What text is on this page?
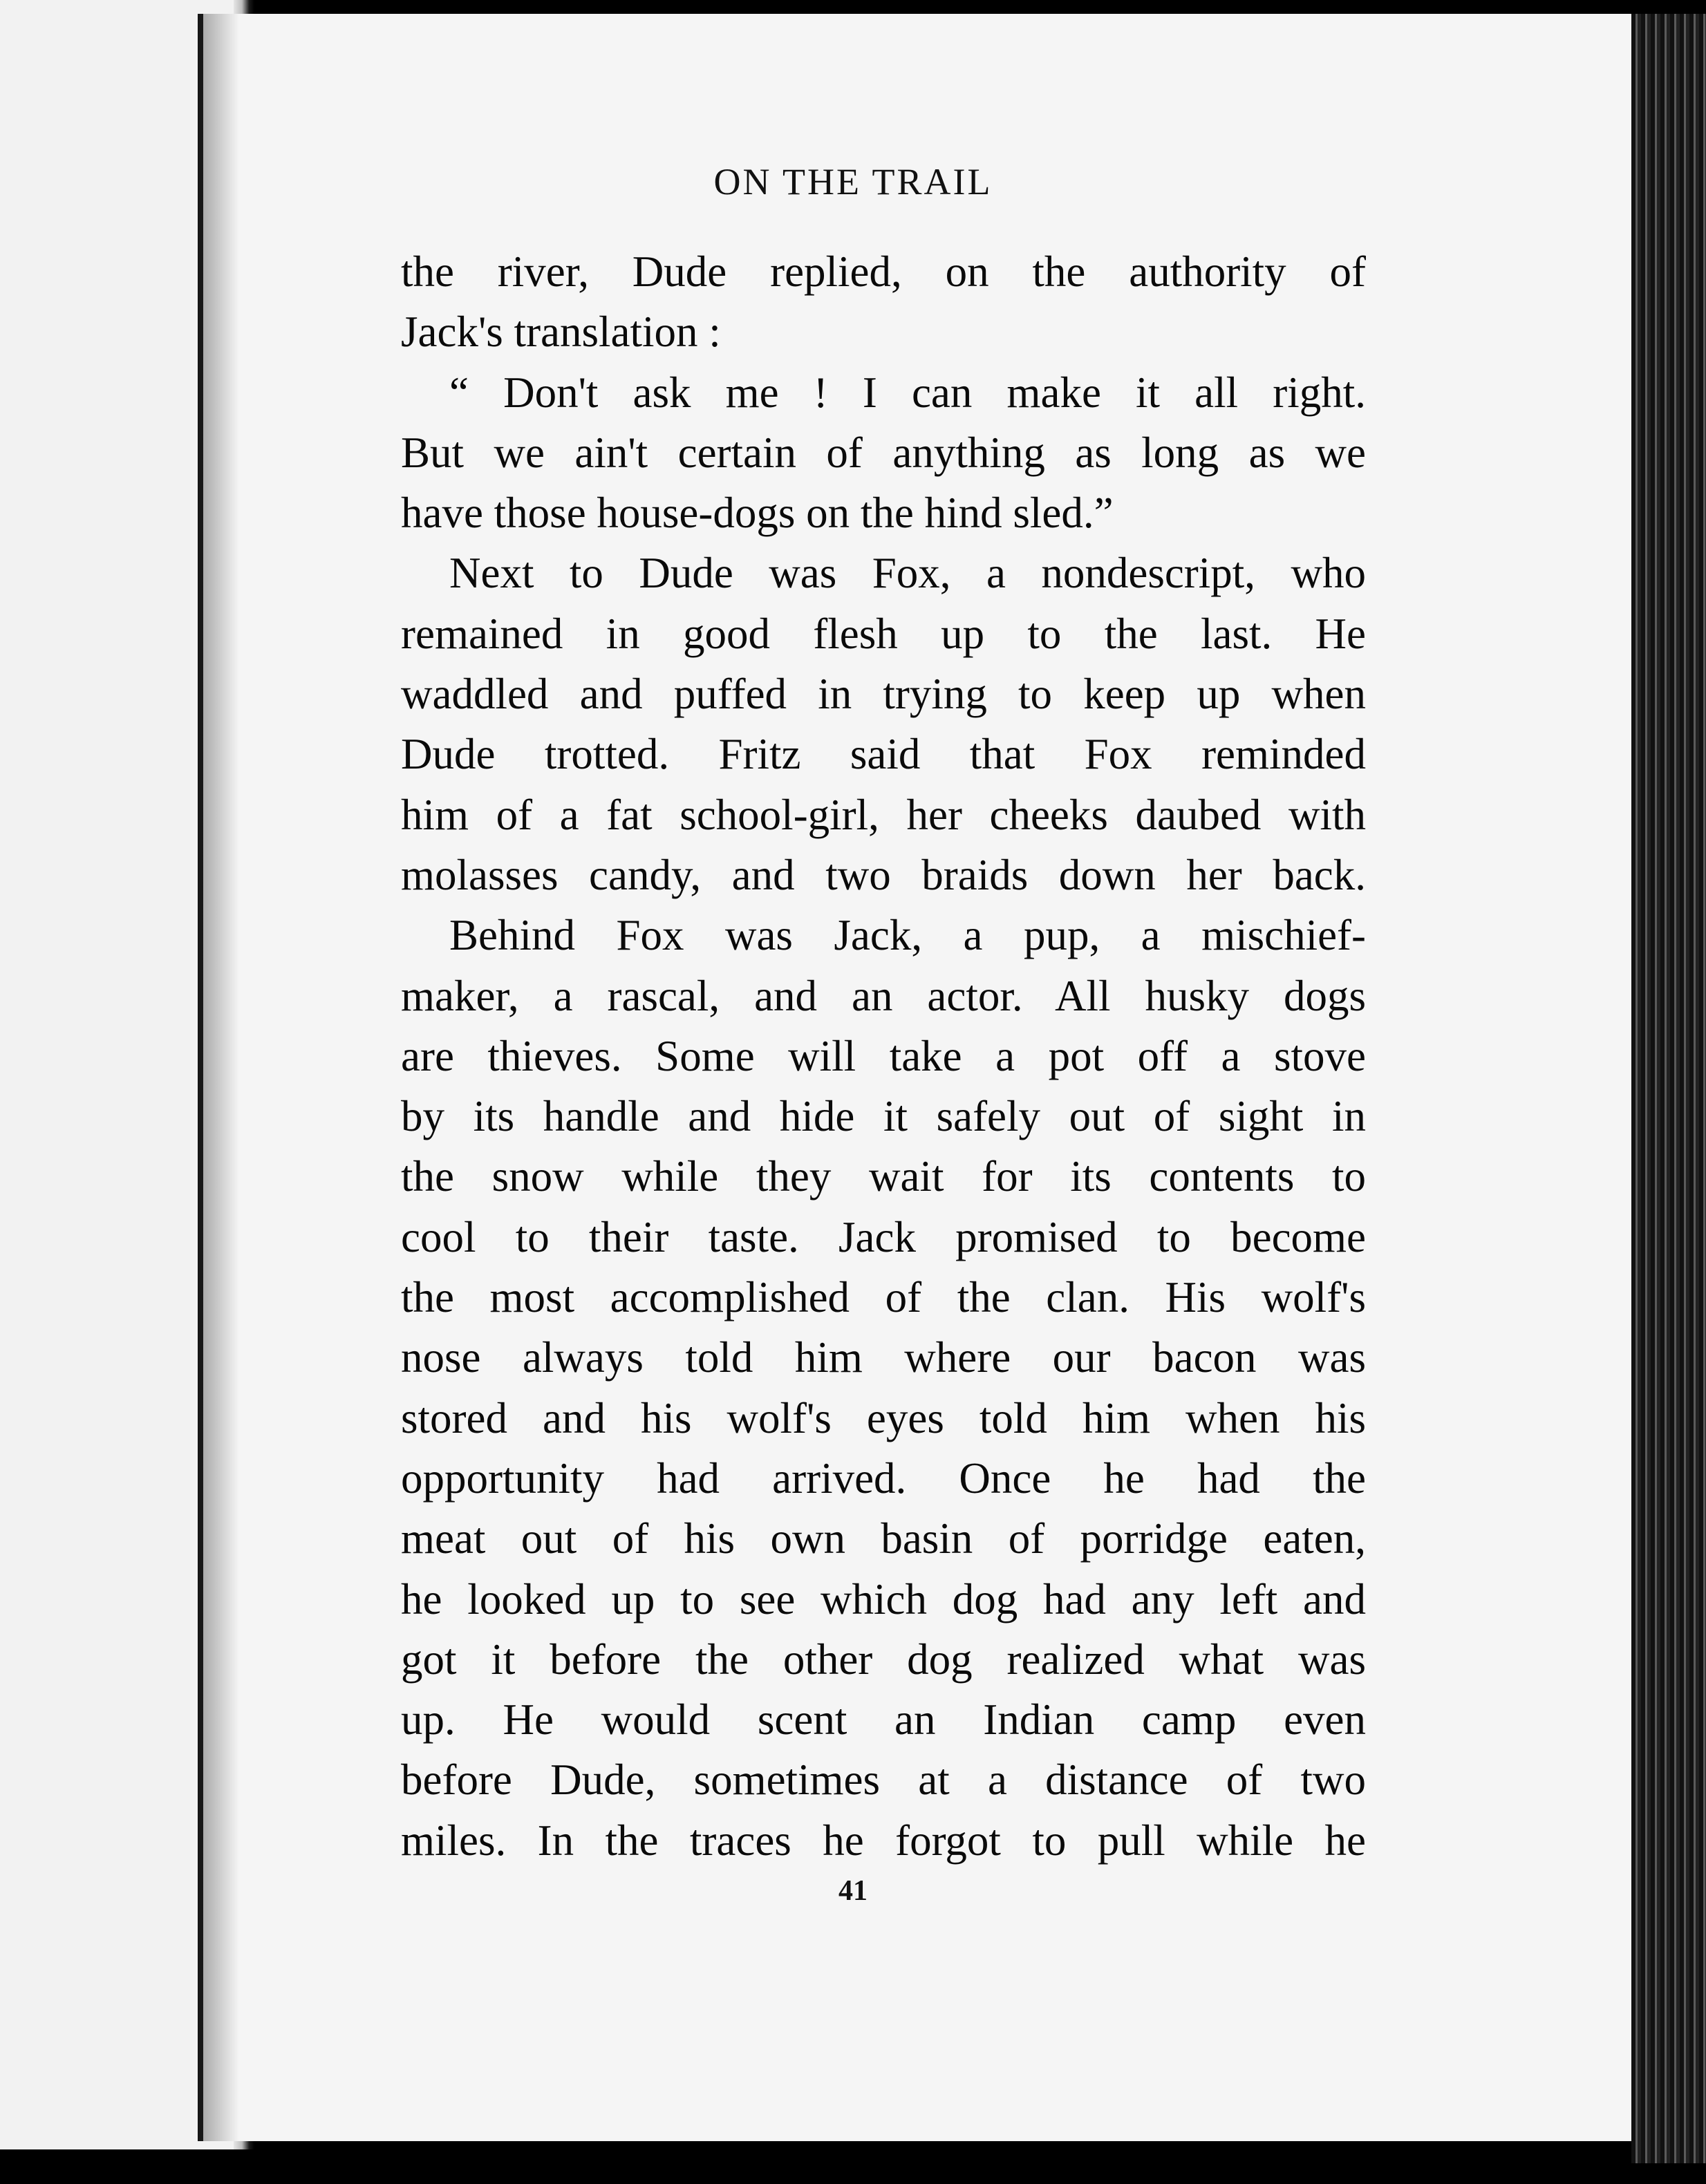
ON THE TRAIL
the river, Dude replied, on the authority of
Jack's translation :
“ Don't ask me ! I can make it all right.
But we ain't certain of anything as long as we
have those house-dogs on the hind sled.”
Next to Dude was Fox, a nondescript, who
remained in good flesh up to the last. He
waddled and puffed in trying to keep up when
Dude trotted. Fritz said that Fox reminded
him of a fat school-girl, her cheeks daubed with
molasses candy, and two braids down her back.
Behind Fox was Jack, a pup, a mischief-
maker, a rascal, and an actor. All husky dogs
are thieves. Some will take a pot off a stove
by its handle and hide it safely out of sight in
the snow while they wait for its contents to
cool to their taste. Jack promised to become
the most accomplished of the clan. His wolf's
nose always told him where our bacon was
stored and his wolf's eyes told him when his
opportunity had arrived. Once he had the
meat out of his own basin of porridge eaten,
he looked up to see which dog had any left and
got it before the other dog realized what was
up. He would scent an Indian camp even
before Dude, sometimes at a distance of two
miles. In the traces he forgot to pull while he
41
